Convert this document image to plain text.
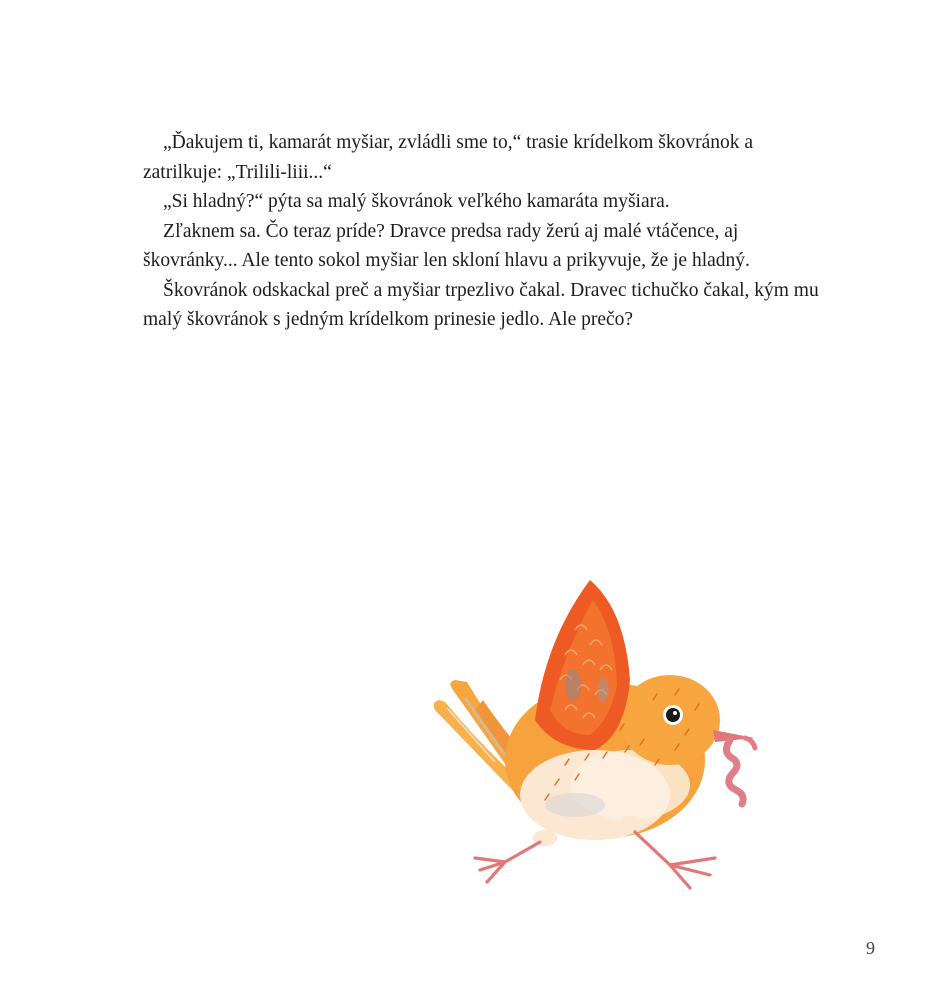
„Ďakujem ti, kamarát myšiar, zvládli sme to,“ trasie krídelkom škovránok a zatrilkuje: „Trilili-liii...“

„Si hladný?“ pýta sa malý škovránok veľkého kamaráta myšiara.

Zľaknem sa. Čo teraz príde? Dravce predsa rady žerú aj malé vtáčence, aj škovránky... Ale tento sokol myšiar len skloní hlavu a prikyvuje, že je hladný.

Škovránok odskackal preč a myšiar trpezlivo čakal. Dravec tichučko čakal, kým mu malý škovránok s jedným krídelkom prinesie jedlo. Ale prečo?

9
